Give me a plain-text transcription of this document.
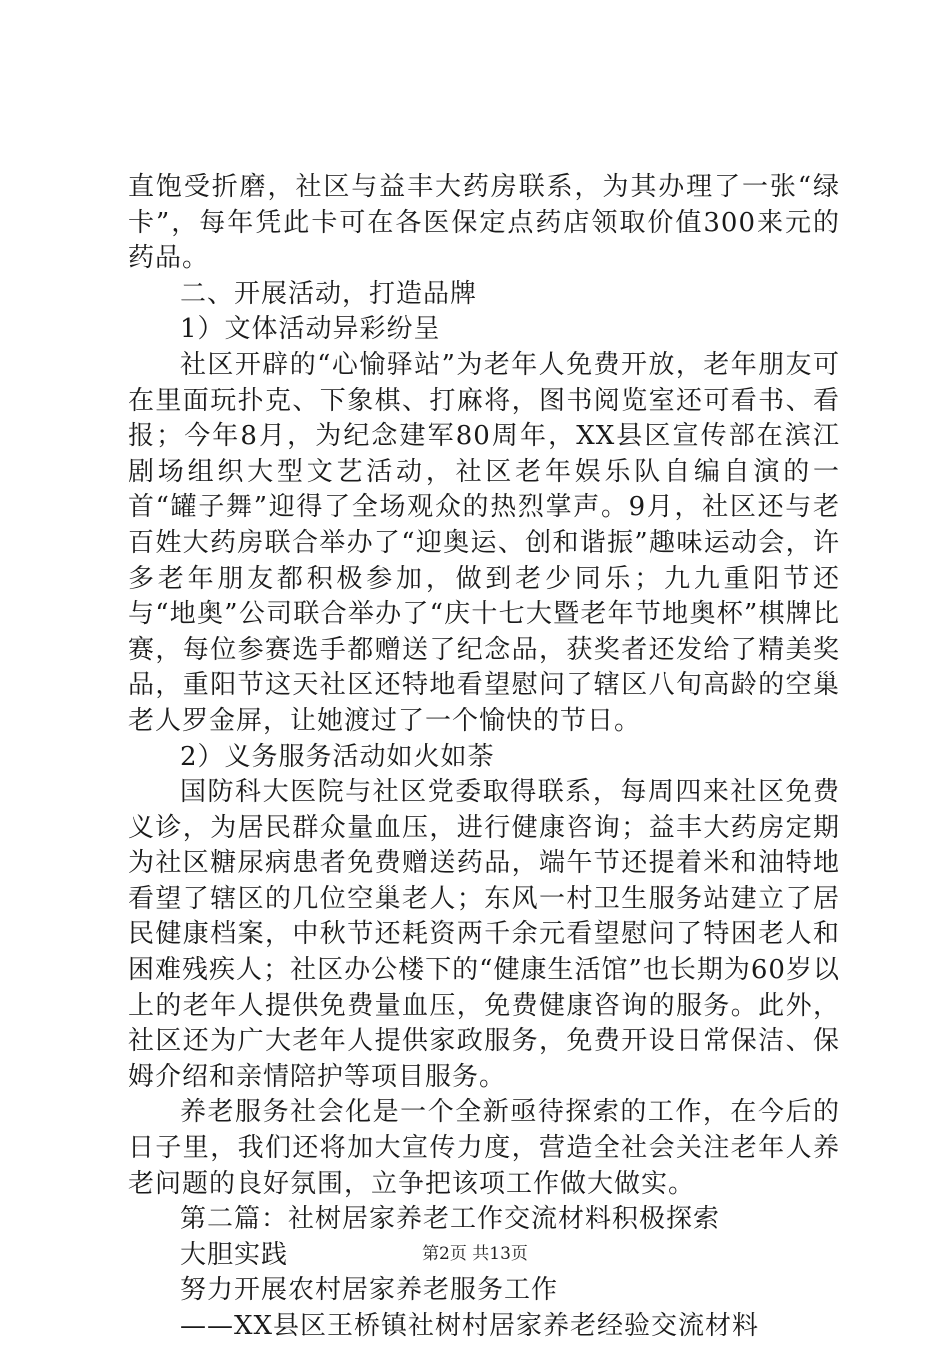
直饱受折磨，社区与益丰大药房联系，为其办理了一张“绿卡”，每年凭此卡可在各医保定点药店领取价值300来元的药品。

二、开展活动，打造品牌

1）文体活动异彩纷呈

社区开辟的“心愉驿站”为老年人免费开放，老年朋友可在里面玩扑克、下象棋、打麻将，图书阅览室还可看书、看报；今年8月，为纪念建军80周年，XX县区宣传部在滨江剧场组织大型文艺活动，社区老年娱乐队自编自演的一首“罐子舞”迎得了全场观众的热烈掌声。9月，社区还与老百姓大药房联合举办了“迎奥运、创和谐振”趣味运动会，许多老年朋友都积极参加，做到老少同乐；九九重阳节还与“地奥”公司联合举办了“庆十七大暨老年节地奥杯”棋牌比赛，每位参赛选手都赠送了纪念品，获奖者还发给了精美奖品，重阳节这天社区还特地看望慰问了辖区八旬高龄的空巢老人罗金屏，让她渡过了一个愉快的节日。

2）义务服务活动如火如荼

国防科大医院与社区党委取得联系，每周四来社区免费义诊，为居民群众量血压，进行健康咨询；益丰大药房定期为社区糖尿病患者免费赠送药品，端午节还提着米和油特地看望了辖区的几位空巢老人；东风一村卫生服务站建立了居民健康档案，中秋节还耗资两千余元看望慰问了特困老人和困难残疾人；社区办公楼下的“健康生活馆”也长期为60岁以上的老年人提供免费量血压，免费健康咨询的服务。此外，社区还为广大老年人提供家政服务，免费开设日常保洁、保姆介绍和亲情陪护等项目服务。

养老服务社会化是一个全新亟待探索的工作，在今后的日子里，我们还将加大宣传力度，营造全社会关注老年人养老问题的良好氛围，立争把该项工作做大做实。

第二篇：社树居家养老工作交流材料积极探索

大胆实践

努力开展农村居家养老服务工作

——XX县区王桥镇社树村居家养老经验交流材料

第2页 共13页
